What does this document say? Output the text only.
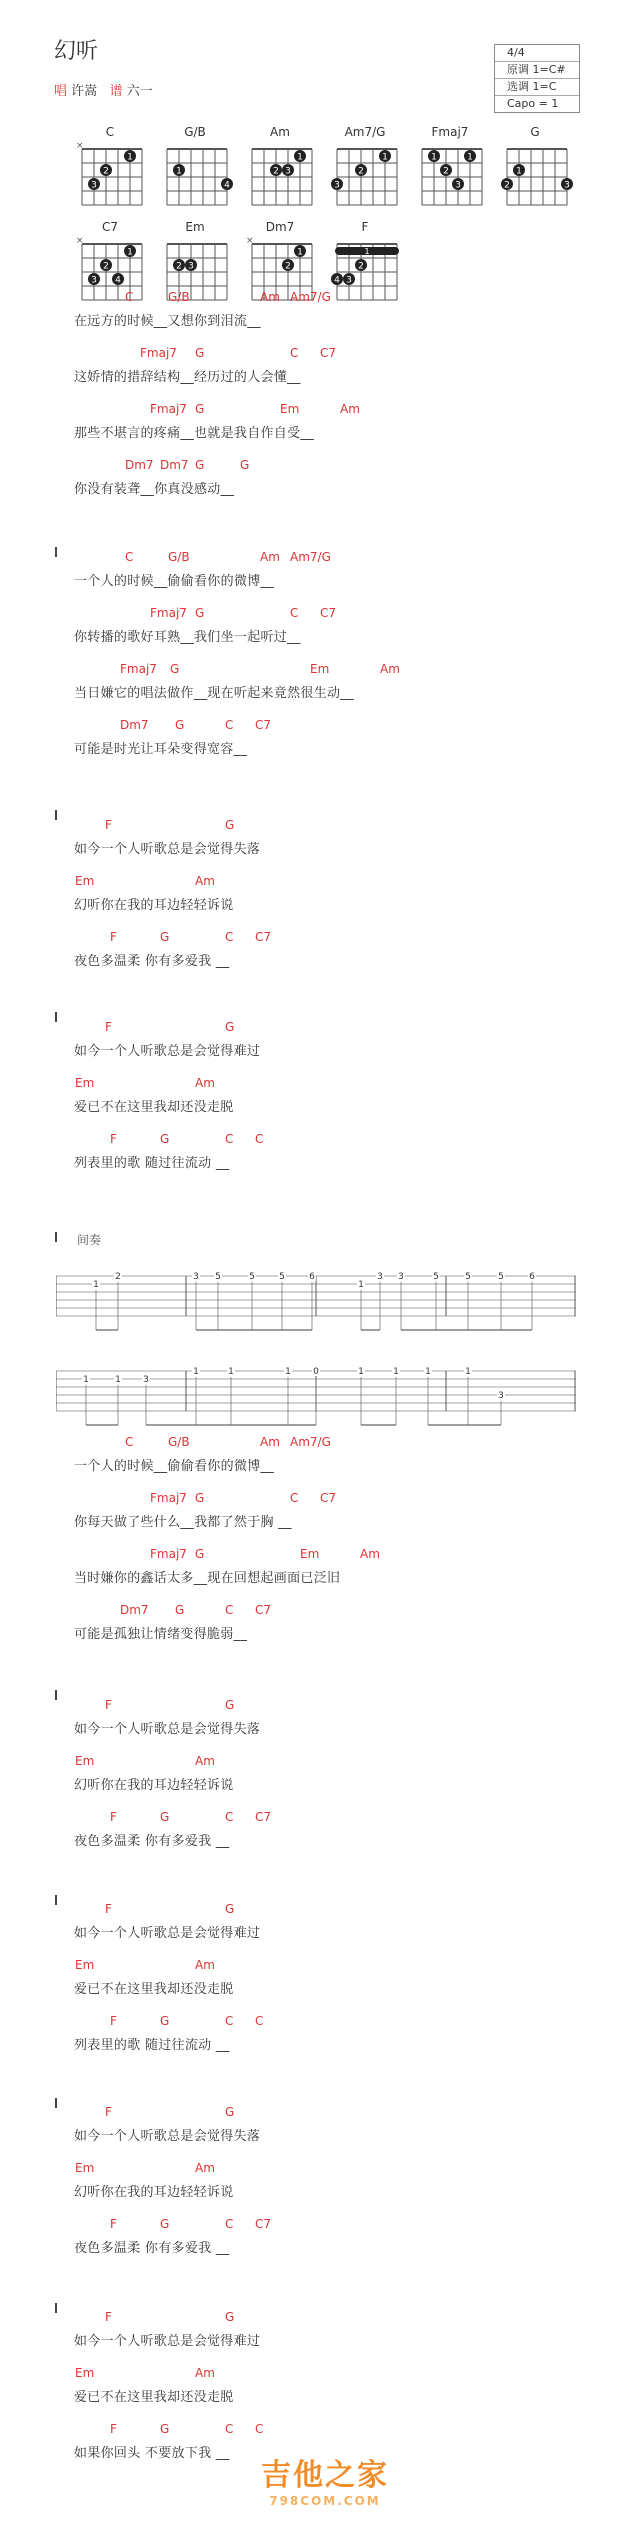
幻听
唱 许嵩 谱 六一
4/4
原调 1=C#
选调 1=C
Capo = 1
C
×
1
2
3
G/B
1
4
Am
1
2 3
Am7/G
1
2
3
Fmaj7
1	1
2
3
G
1
2	3
C7
×
1
2
3 4
Em
2 3
Dm7
×
1
2
F
1
2
3
4
C	G/B	Am Am7/G
在远方的时候__又想你到泪流__
Fmaj7 G	C C7
这娇情的措辞结构__经历过的人会懂__
Fmaj7 G	Em	Am
那些不堪言的疼痛__也就是我自作自受__
Dm7 Dm7 G	G
你没有装聋__你真没感动__
C	G/B	Am Am7/G
一个人的时候__偷偷看你的微博__
Fmaj7 G	C C7
你转播的歌好耳熟__我们坐一起听过__
Fmaj7 G	Em	Am
当日嫌它的唱法做作__现在听起来竟然很生动__
Dm7 G	C C7
可能是时光让耳朵变得宽容__
F	G
如今一个人听歌总是会觉得失落
Em	Am
幻听你在我的耳边轻轻诉说
F	G	C C7
夜色多温柔 你有多爱我 __
F	G
如今一个人听歌总是会觉得难过
Em	Am
爱已不在这里我却还没走脱
F	G	C C
列表里的歌 随过往流动 __
C	G/B	Am Am7/G
一个人的时候__偷偷看你的微博__
Fmaj7 G	C C7
你每天做了些什么__我都了然于胸 __
Fmaj7 G	Em	Am
当时嫌你的鑫话太多__现在回想起画面已泛旧
Dm7 G	C C7
可能是孤独让情绪变得脆弱__
F	G
如今一个人听歌总是会觉得失落
Em	Am
幻听你在我的耳边轻轻诉说
F	G	C C7
夜色多温柔 你有多爱我 __
F	G
如今一个人听歌总是会觉得难过
Em	Am
爱已不在这里我却还没走脱
F	G	C C
列表里的歌 随过往流动 __
F	G
如今一个人听歌总是会觉得失落
Em	Am
幻听你在我的耳边轻轻诉说
F	G	C C7
夜色多温柔 你有多爱我 __
F	G
如今一个人听歌总是会觉得难过
Em	Am
爱已不在这里我却还没走脱
F	G	C C
如果你回头 不要放下我 __
间奏
1
2	3 5	5	5	6
1
3 3	5	5	5	6
1	1 3
1	1	1 0	1	1	1	1
3
吉他之家
798COM.COM
